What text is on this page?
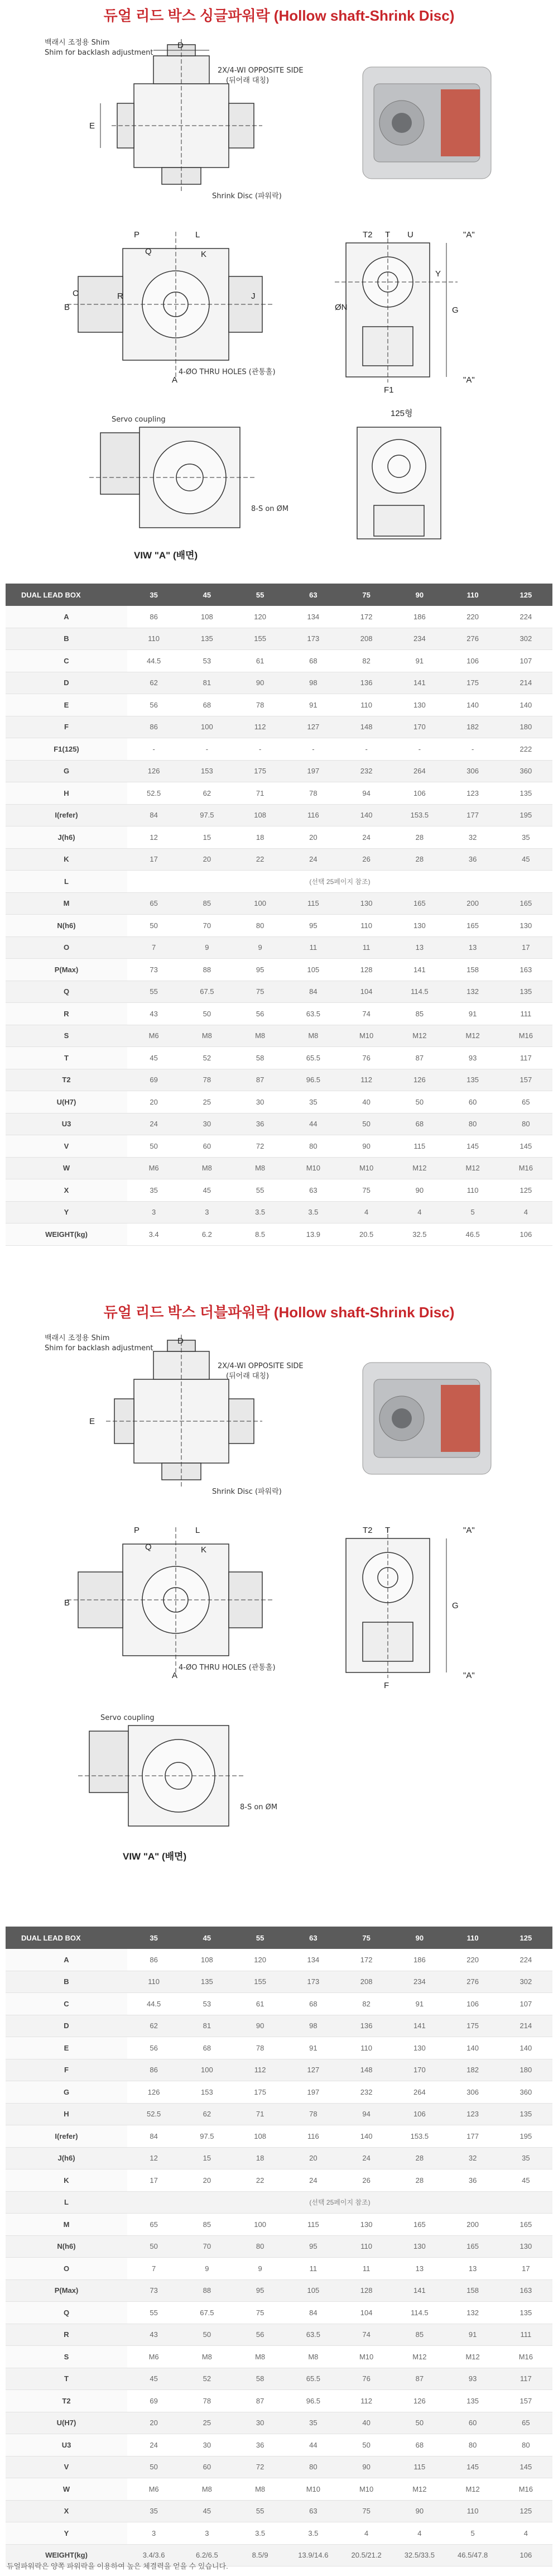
듀얼 리드 박스 싱글파워락 (Hollow shaft-Shrink Disc)
D
E
백래시 조정용 Shim
Shim for backlash adjustment
2X/4-WI OPPOSITE SIDE
(뒤어래 대칭)
Shrink Disc (파워락)
P	L
Q	K
B
C	R	J
A
T2 T U
G
Y
ØN
F1
"A"
"A"
4-ØO THRU HOLES (관통홀)
Servo coupling
8-S on ØM
VIW "A" (배면)
125형
DUAL LEAD BOX	35	45	55	63	75	90	110	125
A	86	108	120	134	172	186	220	224
B	110	135	155	173	208	234	276	302
C	44.5	53	61	68	82	91	106	107
D	62	81	90	98	136	141	175	214
E	56	68	78	91	110	130	140	140
F	86	100	112	127	148	170	182	180
F1(125)	-	-	-	-	-	-	-	222
G	126	153	175	197	232	264	306	360
H	52.5	62	71	78	94	106	123	135
I(refer)	84	97.5	108	116	140	153.5	177	195
J(h6)	12	15	18	20	24	28	32	35
K	17	20	22	24	26	28	36	45
L	(선택 25페이지 참조)							
M	65	85	100	115	130	165	200	165
N(h6)	50	70	80	95	110	130	165	130
O	7	9	9	11	11	13	13	17
P(Max)	73	88	95	105	128	141	158	163
Q	55	67.5	75	84	104	114.5	132	135
R	43	50	56	63.5	74	85	91	111
S	M6	M8	M8	M8	M10	M12	M12	M16
T	45	52	58	65.5	76	87	93	117
T2	69	78	87	96.5	112	126	135	157
U(H7)	20	25	30	35	40	50	60	65
U3	24	30	36	44	50	68	80	80
V	50	60	72	80	90	115	145	145
W	M6	M8	M8	M10	M10	M12	M12	M16
X	35	45	55	63	75	90	110	125
Y	3	3	3.5	3.5	4	4	5	4
WEIGHT(kg)	3.4	6.2	8.5	13.9	20.5	32.5	46.5	106
듀얼 리드 박스 더블파워락 (Hollow shaft-Shrink Disc)
D
E
백래시 조정용 Shim
Shim for backlash adjustment
2X/4-WI OPPOSITE SIDE
(뒤어래 대칭)
Shrink Disc (파워락)
P	L
Q	K
B
A
T2 T
G
F
"A"
"A"
4-ØO THRU HOLES (관통홀)
Servo coupling
8-S on ØM
VIW "A" (배면)
DUAL LEAD BOX	35	45	55	63	75	90	110	125
A	86	108	120	134	172	186	220	224
B	110	135	155	173	208	234	276	302
C	44.5	53	61	68	82	91	106	107
D	62	81	90	98	136	141	175	214
E	56	68	78	91	110	130	140	140
F	86	100	112	127	148	170	182	180
G	126	153	175	197	232	264	306	360
H	52.5	62	71	78	94	106	123	135
I(refer)	84	97.5	108	116	140	153.5	177	195
J(h6)	12	15	18	20	24	28	32	35
K	17	20	22	24	26	28	36	45
L	(선택 25페이지 참조)							
M	65	85	100	115	130	165	200	165
N(h6)	50	70	80	95	110	130	165	130
O	7	9	9	11	11	13	13	17
P(Max)	73	88	95	105	128	141	158	163
Q	55	67.5	75	84	104	114.5	132	135
R	43	50	56	63.5	74	85	91	111
S	M6	M8	M8	M8	M10	M12	M12	M16
T	45	52	58	65.5	76	87	93	117
T2	69	78	87	96.5	112	126	135	157
U(H7)	20	25	30	35	40	50	60	65
U3	24	30	36	44	50	68	80	80
V	50	60	72	80	90	115	145	145
W	M6	M8	M8	M10	M10	M12	M12	M16
X	35	45	55	63	75	90	110	125
Y	3	3	3.5	3.5	4	4	5	4
WEIGHT(kg)	3.4/3.6	6.2/6.5	8.5/9	13.9/14.6	20.5/21.2	32.5/33.5	46.5/47.8	106
듀얼파워락은 양쪽 파워락을 이용하여 높은 체결력을 얻을 수 있습니다.
